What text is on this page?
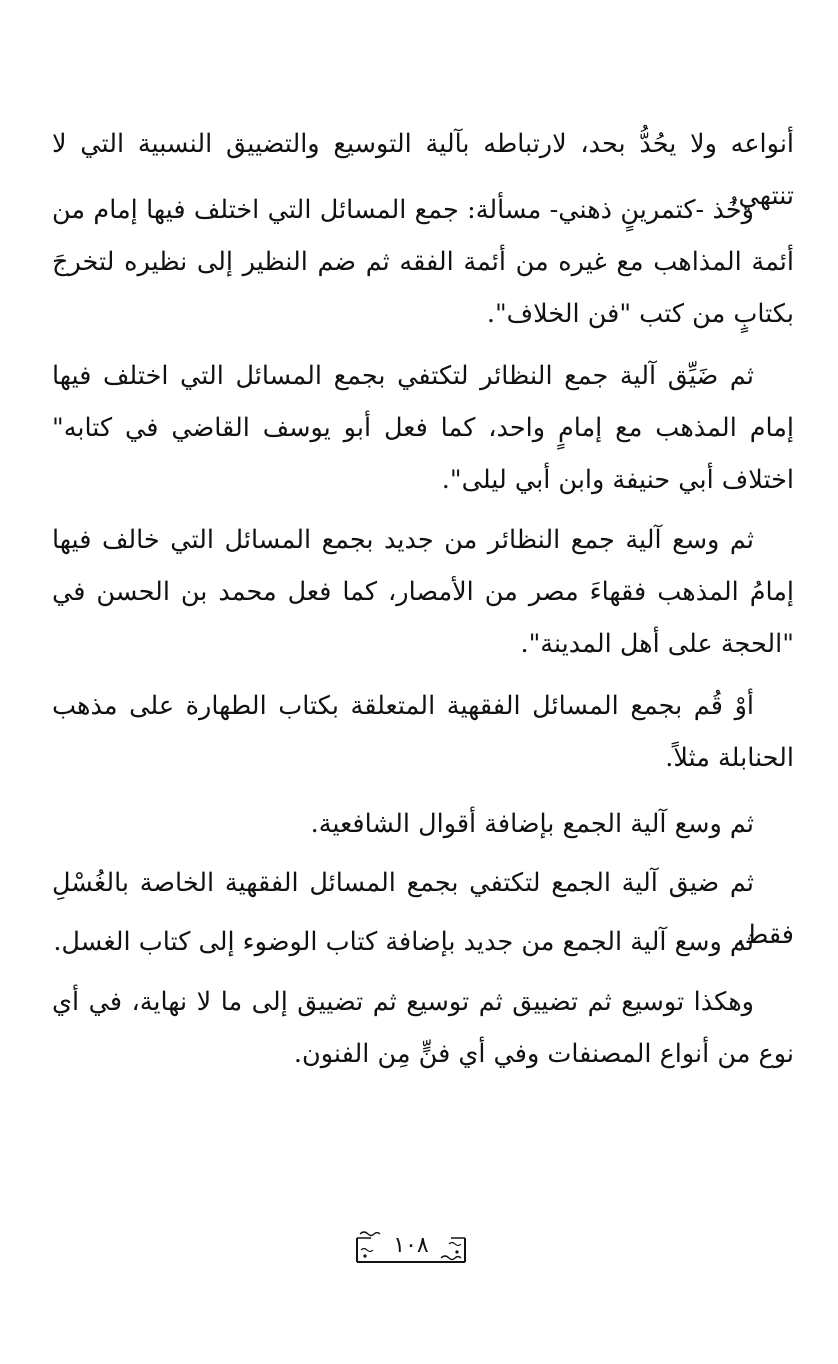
أنواعه ولا يحُدُّ بحد، لارتباطه بآلية التوسيع والتضييق النسبية التي لا تنتهي.

وَخُذ -كتمرينٍ ذهني- مسألة: جمع المسائل التي اختلف فيها إمام من أئمة المذاهب مع غيره من أئمة الفقه ثم ضم النظير إلى نظيره لتخرجَ بكتابٍ من كتب "فن الخلاف".

ثم ضَيِّق آلية جمع النظائر لتكتفي بجمع المسائل التي اختلف فيها إمام المذهب مع إمامٍ واحد، كما فعل أبو يوسف القاضي في كتابه" اختلاف أبي حنيفة وابن أبي ليلى".

ثم وسع آلية جمع النظائر من جديد بجمع المسائل التي خالف فيها إمامُ المذهب فقهاءَ مصر من الأمصار، كما فعل محمد بن الحسن في "الحجة على أهل المدينة".

أوْ قُم بجمع المسائل الفقهية المتعلقة بكتاب الطهارة على مذهب الحنابلة مثلاً.

ثم وسع آلية الجمع بإضافة أقوال الشافعية.

ثم ضيق آلية الجمع لتكتفي بجمع المسائل الفقهية الخاصة بالغُسْلِ فقط.

ثم وسع آلية الجمع من جديد بإضافة كتاب الوضوء إلى كتاب الغسل.

وهكذا توسيع ثم تضييق ثم توسيع ثم تضييق إلى ما لا نهاية، في أي نوع من أنواع المصنفات وفي أي فنٍّ مِن الفنون.

١٠٨
